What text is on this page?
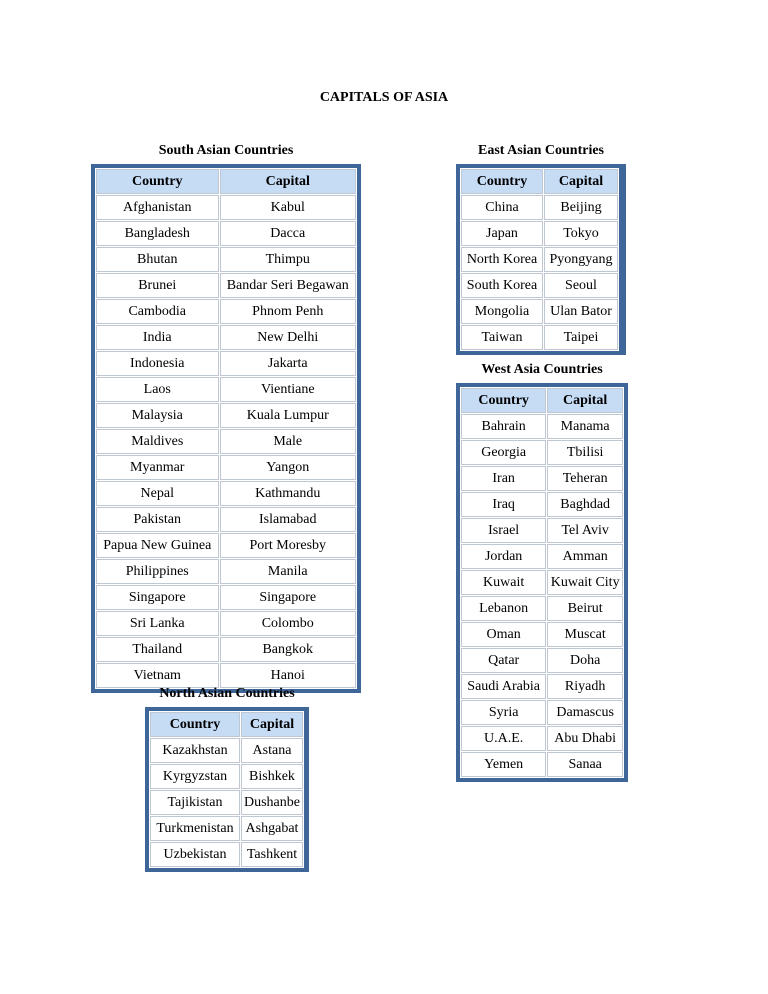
CAPITALS OF ASIA
South Asian Countries
Country	Capital
Afghanistan	Kabul
Bangladesh	Dacca
Bhutan	Thimpu
Brunei	Bandar Seri Begawan
Cambodia	Phnom Penh
India	New Delhi
Indonesia	Jakarta
Laos	Vientiane
Malaysia	Kuala Lumpur
Maldives	Male
Myanmar	Yangon
Nepal	Kathmandu
Pakistan	Islamabad
Papua New Guinea	Port Moresby
Philippines	Manila
Singapore	Singapore
Sri Lanka	Colombo
Thailand	Bangkok
Vietnam	Hanoi
East Asian Countries
Country	Capital
China	Beijing
Japan	Tokyo
North Korea	Pyongyang
South Korea	Seoul
Mongolia	Ulan Bator
Taiwan	Taipei
West Asia Countries
Country	Capital
Bahrain	Manama
Georgia	Tbilisi
Iran	Teheran
Iraq	Baghdad
Israel	Tel Aviv
Jordan	Amman
Kuwait	Kuwait City
Lebanon	Beirut
Oman	Muscat
Qatar	Doha
Saudi Arabia	Riyadh
Syria	Damascus
U.A.E.	Abu Dhabi
Yemen	Sanaa
North Asian Countries
Country	Capital
Kazakhstan	Astana
Kyrgyzstan	Bishkek
Tajikistan	Dushanbe
Turkmenistan	Ashgabat
Uzbekistan	Tashkent
